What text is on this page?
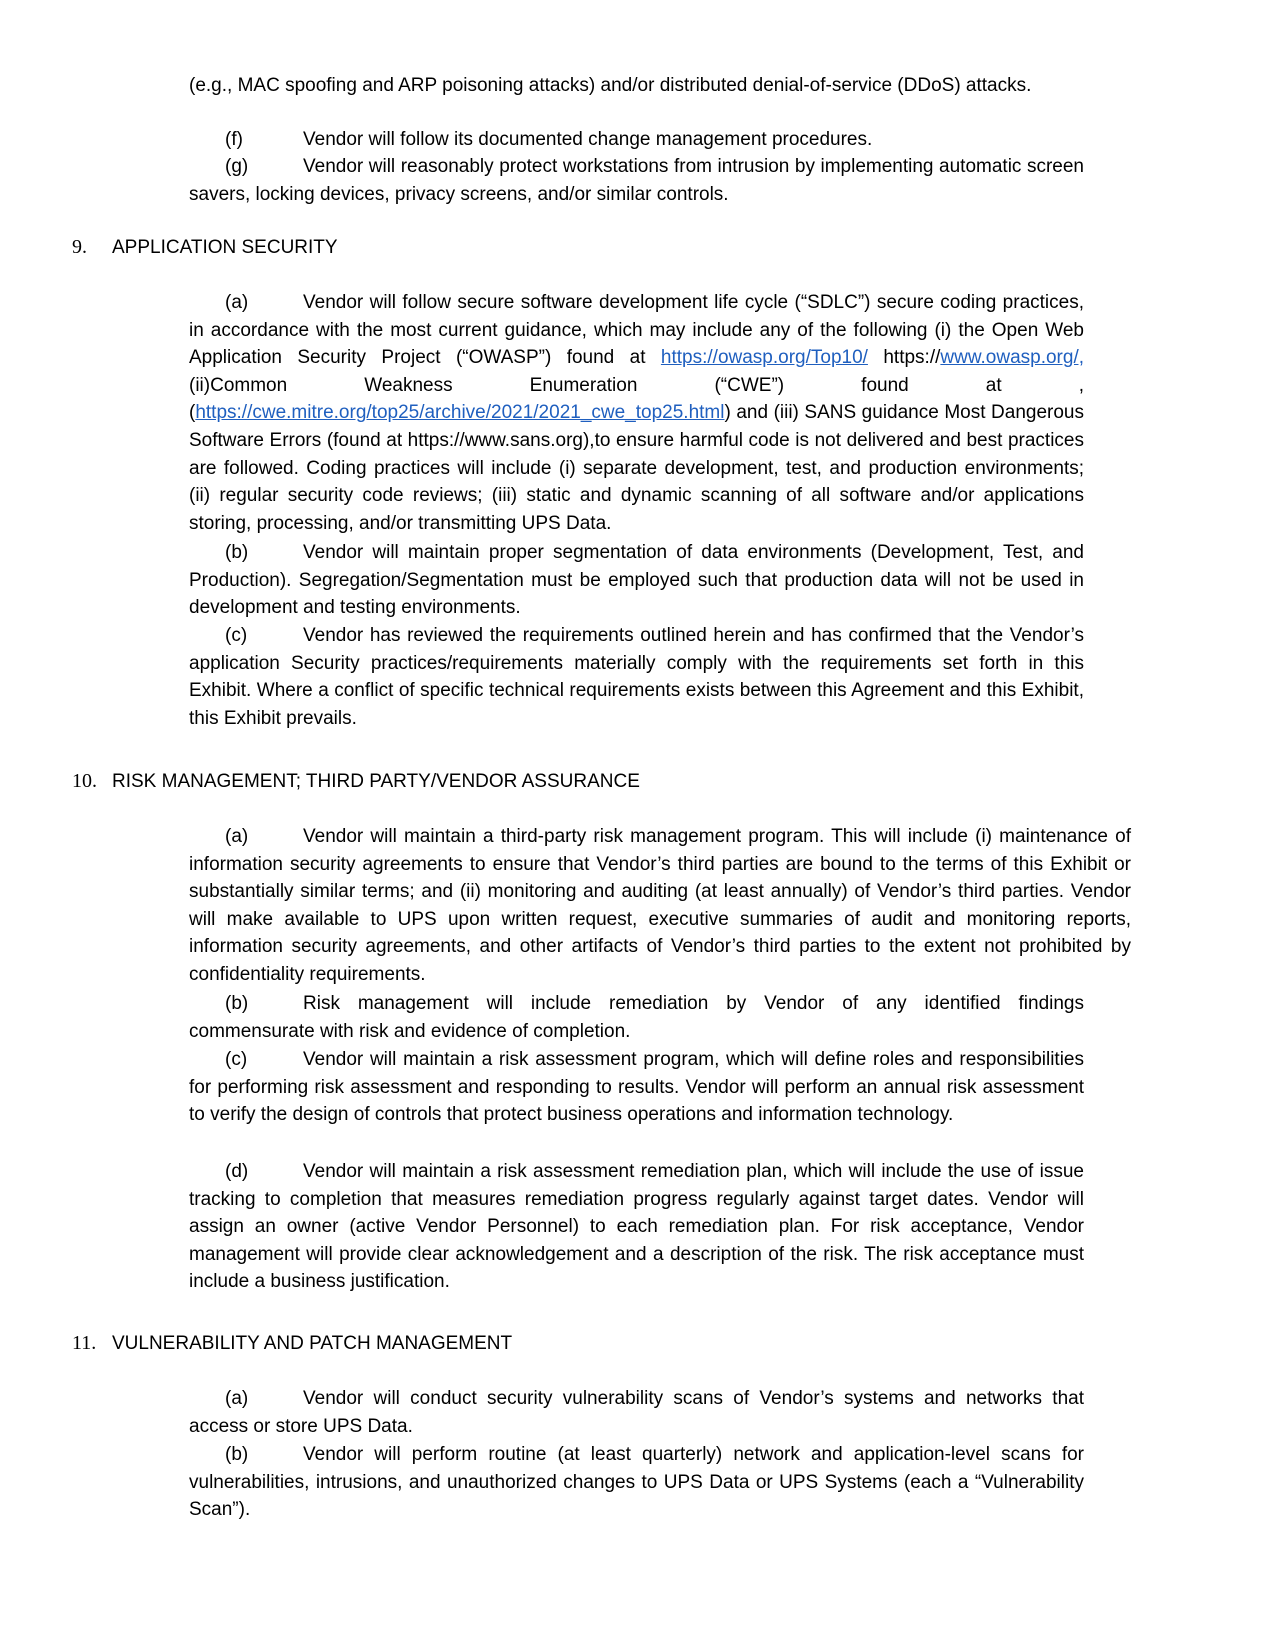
(e.g., MAC spoofing and ARP poisoning attacks) and/or distributed denial-of-service (DDoS) attacks.

(f)	Vendor will follow its documented change management procedures.

(g)	Vendor will reasonably protect workstations from intrusion by implementing automatic screen savers, locking devices, privacy screens, and/or similar controls.

9. APPLICATION SECURITY

(a)	Vendor will follow secure software development life cycle (“SDLC”) secure coding practices, in accordance with the most current guidance, which may include any of the following (i) the Open Web Application Security Project (“OWASP”) found at https://owasp.org/Top10/ https://www.owasp.org/, (ii)Common Weakness Enumeration (“CWE”) found at , (https://cwe.mitre.org/top25/archive/2021/2021_cwe_top25.html) and (iii) SANS guidance Most Dangerous Software Errors (found at https://www.sans.org),to ensure harmful code is not delivered and best practices are followed. Coding practices will include (i) separate development, test, and production environments; (ii) regular security code reviews; (iii) static and dynamic scanning of all software and/or applications storing, processing, and/or transmitting UPS Data.

(b)	Vendor will maintain proper segmentation of data environments (Development, Test, and Production). Segregation/Segmentation must be employed such that production data will not be used in development and testing environments.

(c)	Vendor has reviewed the requirements outlined herein and has confirmed that the Vendor’s application Security practices/requirements materially comply with the requirements set forth in this Exhibit. Where a conflict of specific technical requirements exists between this Agreement and this Exhibit, this Exhibit prevails.

10. RISK MANAGEMENT; THIRD PARTY/VENDOR ASSURANCE

(a)	Vendor will maintain a third-party risk management program. This will include (i) maintenance of information security agreements to ensure that Vendor’s third parties are bound to the terms of this Exhibit or substantially similar terms; and (ii) monitoring and auditing (at least annually) of Vendor’s third parties. Vendor will make available to UPS upon written request, executive summaries of audit and monitoring reports, information security agreements, and other artifacts of Vendor’s third parties to the extent not prohibited by confidentiality requirements.

(b)	Risk management will include remediation by Vendor of any identified findings commensurate with risk and evidence of completion.

(c)	Vendor will maintain a risk assessment program, which will define roles and responsibilities for performing risk assessment and responding to results. Vendor will perform an annual risk assessment to verify the design of controls that protect business operations and information technology.

(d)	Vendor will maintain a risk assessment remediation plan, which will include the use of issue tracking to completion that measures remediation progress regularly against target dates. Vendor will assign an owner (active Vendor Personnel) to each remediation plan. For risk acceptance, Vendor management will provide clear acknowledgement and a description of the risk. The risk acceptance must include a business justification.

11. VULNERABILITY AND PATCH MANAGEMENT

(a)	Vendor will conduct security vulnerability scans of Vendor’s systems and networks that access or store UPS Data.

(b)	Vendor will perform routine (at least quarterly) network and application-level scans for vulnerabilities, intrusions, and unauthorized changes to UPS Data or UPS Systems (each a “Vulnerability Scan”).
